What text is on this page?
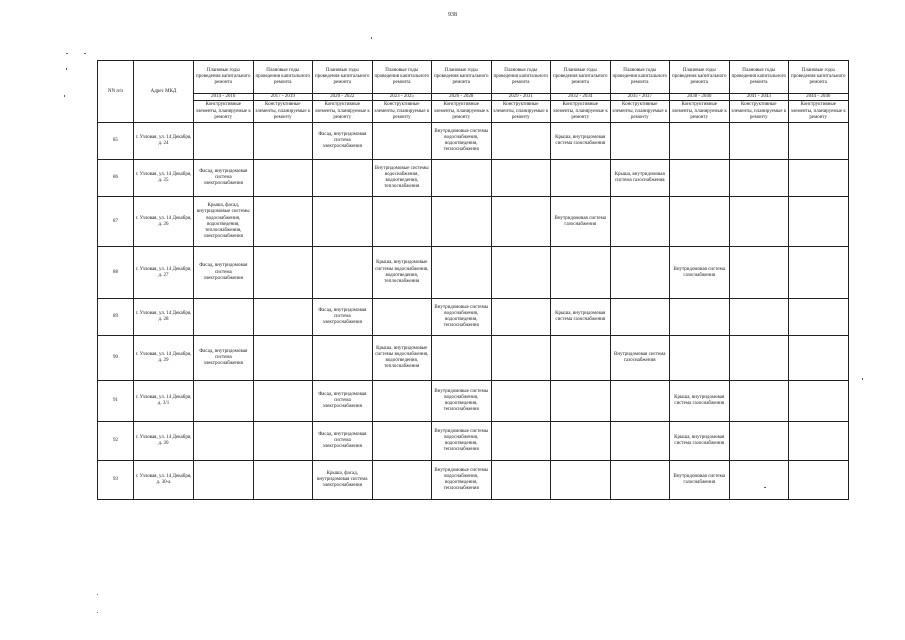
938
NN п/п	Адрес МКД	Плановые годы проведения капитального ремонта	Плановые годы проведения капитального ремонта	Плановые годы проведения капитального ремонта	Плановые годы проведения капитального ремонта	Плановые годы проведения капитального ремонта	Плановые годы проведения капитального ремонта	Плановые годы проведения капитального ремонта	Плановые годы проведения капитального ремонта	Плановые годы проведения капитального ремонта	Плановые годы проведения капитального ремонта	Плановые годы проведения капитального ремонта
		2014 - 2016	2017 - 2019	2020 - 2022	2023 - 2025	2026 - 2028	2029 - 2031	2032 - 2034	2035 - 2037	2038 - 2040	2041 - 2043	2044 - 2046
		Конструктивные элементы, планируемые к ремонту	Конструктивные элементы, планируемые к ремонту	Конструктивные элементы, планируемые к ремонту	Конструктивные элементы, планируемые к ремонту	Конструктивные элементы, планируемые к ремонту	Конструктивные элементы, планируемые к ремонту	Конструктивные элементы, планируемые к ремонту	Конструктивные элементы, планируемые к ремонту	Конструктивные элементы, планируемые к ремонту	Конструктивные элементы, планируемые к ремонту	Конструктивные элементы, планируемые к ремонту
85	г. Узловая, ул. 14 Декабря, д. 24			Фасад, внутридомовая система электроснабжения		Внутридомовые системы водоснабжения, водоотведения, теплоснабжения		Крыша, внутридомовая система газоснабжения				
86	г. Узловая, ул. 14 Декабря, д. 25	Фасад, внутридомовая система электроснабжения			Внутридомовые системы водоснабжения, водоотведения, теплоснабжения				Крыша, внутридомовая система газоснабжения			
87	г. Узловая, ул. 14 Декабря, д. 26	Крыша, фасад, внутридомовые системы водоснабжения, водоотведения, теплоснабжения, электроснабжения						Внутридомовая система газоснабжения				
88	г. Узловая, ул. 14 Декабря, д. 27	Фасад, внутридомовая система электроснабжения			Крыша, внутридомовые системы водоснабжения, водоотведения, теплоснабжения					Внутридомовая система газоснабжения		
89	г. Узловая, ул. 14 Декабря, д. 28			Фасад, внутридомовая система электроснабжения		Внутридомовые системы водоснабжения, водоотведения, теплоснабжения		Крыша, внутридомовая система газоснабжения				
90	г. Узловая, ул. 14 Декабря, д. 29	Фасад, внутридомовая система электроснабжения			Крыша, внутридомовые системы водоснабжения, водоотведения, теплоснабжения				Внутридомовая система газоснабжения			
91	г. Узловая, ул. 14 Декабря, д. 3/1			Фасад, внутридомовая система электроснабжения		Внутридомовые системы водоснабжения, водоотведения, теплоснабжения				Крыша, внутридомовая система газоснабжения		
92	г. Узловая, ул. 14 Декабря, д. 30			Фасад, внутридомовая система электроснабжения		Внутридомовые системы водоснабжения, водоотведения, теплоснабжения				Крыша, внутридомовая система газоснабжения		
93	г. Узловая, ул. 14 Декабря, д. 30-а			Крыша, фасад, внутридомовая система электроснабжения		Внутридомовые системы водоснабжения, водоотведения, теплоснабжения				Внутридомовая система газоснабжения		
